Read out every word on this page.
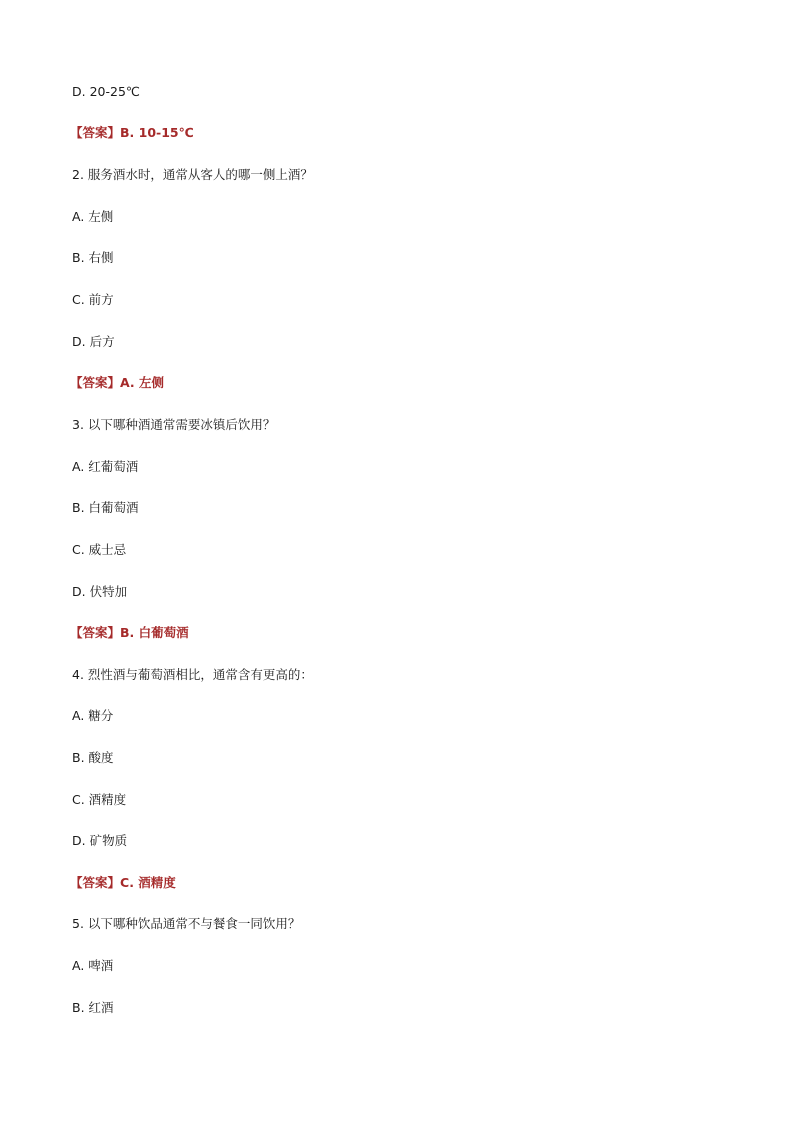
D. 20-25℃
【答案】B. 10-15℃
2. 服务酒水时，通常从客人的哪一侧上酒？
A. 左侧
B. 右侧
C. 前方
D. 后方
【答案】A. 左侧
3. 以下哪种酒通常需要冰镇后饮用？
A. 红葡萄酒
B. 白葡萄酒
C. 威士忌
D. 伏特加
【答案】B. 白葡萄酒
4. 烈性酒与葡萄酒相比，通常含有更高的：
A. 糖分
B. 酸度
C. 酒精度
D. 矿物质
【答案】C. 酒精度
5. 以下哪种饮品通常不与餐食一同饮用？
A. 啤酒
B. 红酒
